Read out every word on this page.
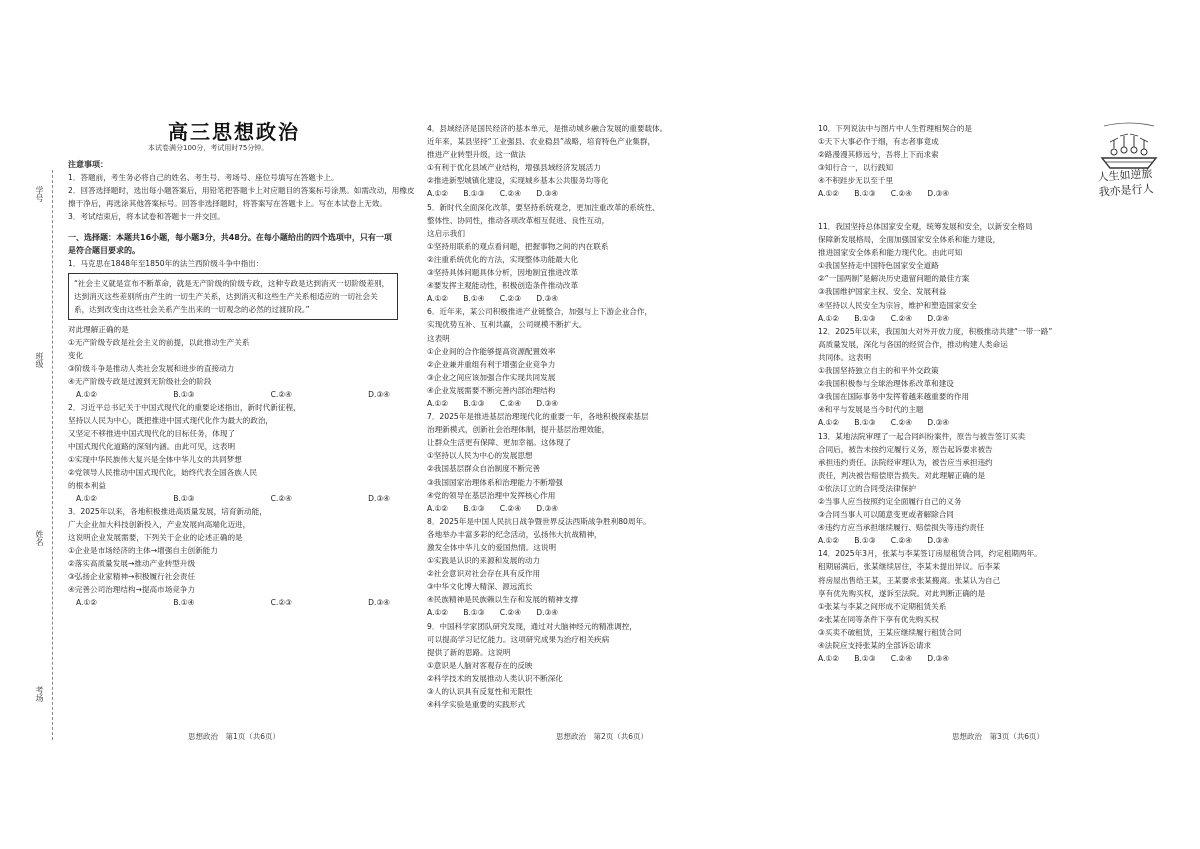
学号
班级
姓名
考场
高三思想政治
本试卷满分100分，考试用时75分钟。

注意事项：

1．答题前，考生务必将自己的姓名、考生号、考场号、座位号填写在答题卡上。

2．回答选择题时，选出每小题答案后，用铅笔把答题卡上对应题目的答案标号涂黑。如需改动，用橡皮

擦干净后，再选涂其他答案标号。回答非选择题时，将答案写在答题卡上。写在本试卷上无效。

3．考试结束后，将本试卷和答题卡一并交回。

一、选择题：本题共16小题，每小题3分，共48分。在每小题给出的四个选项中，只有一项是符合题目要求的。

1．马克思在1848年至1850年的法兰西阶级斗争中指出：

“社会主义就是宣布不断革命，就是无产阶级的阶级专政，这种专政是达到消灭一切阶级差别，达到消灭这些差别所由产生的一切生产关系，达到消灭和这些生产关系相适应的一切社会关系，达到改变由这些社会关系产生出来的一切观念的必然的过渡阶段。”

对此理解正确的是

①无产阶级专政是社会主义的前提，以此推动生产关系

变化

③阶级斗争是推动人类社会发展和进步的直接动力

④无产阶级专政是过渡到无阶级社会的阶段

A.①②	B.①③	C.②④	D.③④

2．习近平总书记关于中国式现代化的重要论述指出，新时代新征程，

坚持以人民为中心，既把推进中国式现代化作为最大的政治，

又坚定不移推进中国式现代化的目标任务，体现了

中国式现代化道路的深刻内涵。由此可见，这表明

①实现中华民族伟大复兴是全体中华儿女的共同梦想

②党领导人民推动中国式现代化，始终代表全国各族人民

的根本利益

A.①②	B.①③	C.②④	D.③④

3．2025年以来，各地积极推进高质量发展，培育新动能，

广大企业加大科技创新投入，产业发展向高端化迈进，

这说明企业发展需要，下列关于企业的论述正确的是

①企业是市场经济的主体→增强自主创新能力

②落实高质量发展→推动产业转型升级

③弘扬企业家精神→积极履行社会责任

④完善公司治理结构→提高市场竞争力

A.①②	B.①④	C.②③	D.③④

4．县域经济是国民经济的基本单元，是推动城乡融合发展的重要载体。

近年来，某县坚持“工业强县、农业稳县”战略，培育特色产业集群，

推进产业转型升级，这一做法

①有利于优化县域产业结构，增强县域经济发展活力

②推进新型城镇化建设，实现城乡基本公共服务均等化

A.①②　　B.①③　　C.②④　　D.③④

5．新时代全面深化改革，要坚持系统观念，更加注重改革的系统性、

整体性、协同性，推动各项改革相互促进、良性互动，

这启示我们

①坚持用联系的观点看问题，把握事物之间的内在联系

②注重系统优化的方法，实现整体功能最大化

③坚持具体问题具体分析，因地制宜推进改革

④要发挥主观能动性，积极创造条件推动改革

A.①②　　B.①④　　C.②③　　D.③④

6．近年来，某公司积极推进产业链整合，加强与上下游企业合作，

实现优势互补、互利共赢，公司规模不断扩大。

这表明

①企业间的合作能够提高资源配置效率

②企业兼并重组有利于增强企业竞争力

③企业之间应该加强合作实现共同发展

④企业发展需要不断完善内部治理结构

A.①②　　B.①③　　C.②④　　D.③④

7．2025年是推进基层治理现代化的重要一年，各地积极探索基层

治理新模式，创新社会治理体制，提升基层治理效能，

让群众生活更有保障、更加幸福。这体现了

①坚持以人民为中心的发展思想

②我国基层群众自治制度不断完善

③我国国家治理体系和治理能力不断增强

④党的领导在基层治理中发挥核心作用

A.①②　　B.①③　　C.②④　　D.③④

8．2025年是中国人民抗日战争暨世界反法西斯战争胜利80周年。

各地举办丰富多彩的纪念活动，弘扬伟大抗战精神，

激发全体中华儿女的爱国热情。这说明

①实践是认识的来源和发展的动力

②社会意识对社会存在具有反作用

③中华文化博大精深、源远流长

④民族精神是民族赖以生存和发展的精神支撑

A.①②　　B.①③　　C.②④　　D.③④

9．中国科学家团队研究发现，通过对大脑神经元的精准调控，

可以提高学习记忆能力。这项研究成果为治疗相关疾病

提供了新的思路。这说明

①意识是人脑对客观存在的反映

②科学技术的发展推动人类认识不断深化

③人的认识具有反复性和无限性

④科学实验是重要的实践形式

人生如逆旅
我亦是行人

10．下列说法中与图片中人生哲理相契合的是

①天下大事必作于细，有志者事竟成

②路漫漫其修远兮，吾将上下而求索

③知行合一，以行践知

④不积跬步无以至千里

A.①②　　B.①③　　C.②④　　D.③④

11．我国坚持总体国家安全观，统筹发展和安全，以新安全格局

保障新发展格局，全面加强国家安全体系和能力建设，

推进国家安全体系和能力现代化。由此可知

①我国坚持走中国特色国家安全道路

②“一国两制”是解决历史遗留问题的最佳方案

③我国维护国家主权、安全、发展利益

④坚持以人民安全为宗旨，维护和塑造国家安全

A.①②　　B.①③　　C.②④　　D.③④

12．2025年以来，我国加大对外开放力度，积极推动共建“一带一路”

高质量发展，深化与各国的经贸合作，推动构建人类命运

共同体。这表明

①我国坚持独立自主的和平外交政策

②我国积极参与全球治理体系改革和建设

③我国在国际事务中发挥着越来越重要的作用

④和平与发展是当今时代的主题

A.①②　　B.①③　　C.②④　　D.③④

13．某地法院审理了一起合同纠纷案件，原告与被告签订买卖

合同后，被告未按约定履行义务，原告起诉要求被告

承担违约责任。法院经审理认为，被告应当承担违约

责任，判决被告赔偿原告损失。对此理解正确的是

①依法订立的合同受法律保护

②当事人应当按照约定全面履行自己的义务

③合同当事人可以随意变更或者解除合同

④违约方应当承担继续履行、赔偿损失等违约责任

A.①②　　B.①③　　C.②④　　D.③④

14．2025年3月，张某与李某签订房屋租赁合同，约定租期两年。

租期届满后，张某继续居住，李某未提出异议。后李某

将房屋出售给王某，王某要求张某搬离。张某认为自己

享有优先购买权，遂诉至法院。对此判断正确的是

①张某与李某之间形成不定期租赁关系

②张某在同等条件下享有优先购买权

③买卖不破租赁，王某应继续履行租赁合同

④法院应支持张某的全部诉讼请求

A.①②　　B.①③　　C.②④　　D.③④

思想政治　第1页（共6页）	思想政治　第2页（共6页）	思想政治　第3页（共6页）
